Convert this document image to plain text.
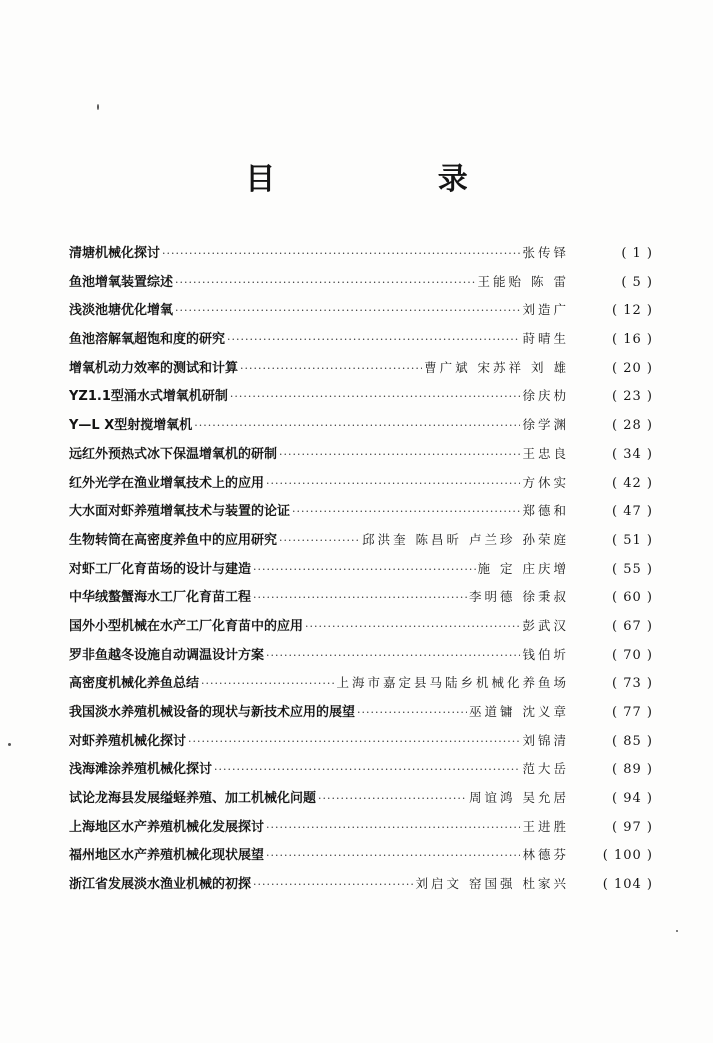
目 录
清塘机械化探讨 ·····	张传铎	( 1 )
鱼池增氧装置综述 ·····	王能贻 陈 雷	( 5 )
浅淡池塘优化增氧 ·····	刘造广	( 12 )
鱼池溶解氧超饱和度的研究 ·····	莳晴生	( 16 )
增氧机动力效率的测试和计算 ·····	曹广斌 宋苏祥 刘 雄	( 20 )
YZ1.1型涌水式增氧机研制 ·····	徐庆朸	( 23 )
Y—L X型射搅增氧机 ·····	徐学渊	( 28 )
远红外预热式冰下保温增氧机的研制 ·····	王忠良	( 34 )
红外光学在渔业增氧技术上的应用 ·····	方休实	( 42 )
大水面对虾养殖增氧技术与装置的论证 ·····	郑德和	( 47 )
生物转筒在高密度养鱼中的应用研究 ·····	邱洪奎 陈昌昕 卢兰珍 孙荣庭	( 51 )
对虾工厂化育苗场的设计与建造 ·····	施 定 庄庆增	( 55 )
中华绒螯蟹海水工厂化育苗工程 ·····	李明德 徐秉叔	( 60 )
国外小型机械在水产工厂化育苗中的应用 ·····	彭武汉	( 67 )
罗非鱼越冬设施自动调温设计方案 ·····	钱伯圻	( 70 )
高密度机械化养鱼总结 ·····	上海市嘉定县马陆乡机械化养鱼场	( 73 )
我国淡水养殖机械设备的现状与新技术应用的展望 ·····	巫道镛 沈义章	( 77 )
对虾养殖机械化探讨 ·····	刘锦清	( 85 )
浅海滩涂养殖机械化探讨 ·····	范大岳	( 89 )
试论龙海县发展缢蛏养殖、加工机械化问题 ·····	周谊鸿 吴允居	( 94 )
上海地区水产养殖机械化发展探讨 ·····	王进胜	( 97 )
福州地区水产养殖机械化现状展望 ·····	林德芬	( 100 )
浙江省发展淡水渔业机械的初探 ·····	刘启文 窑国强 杜家兴	( 104 )
